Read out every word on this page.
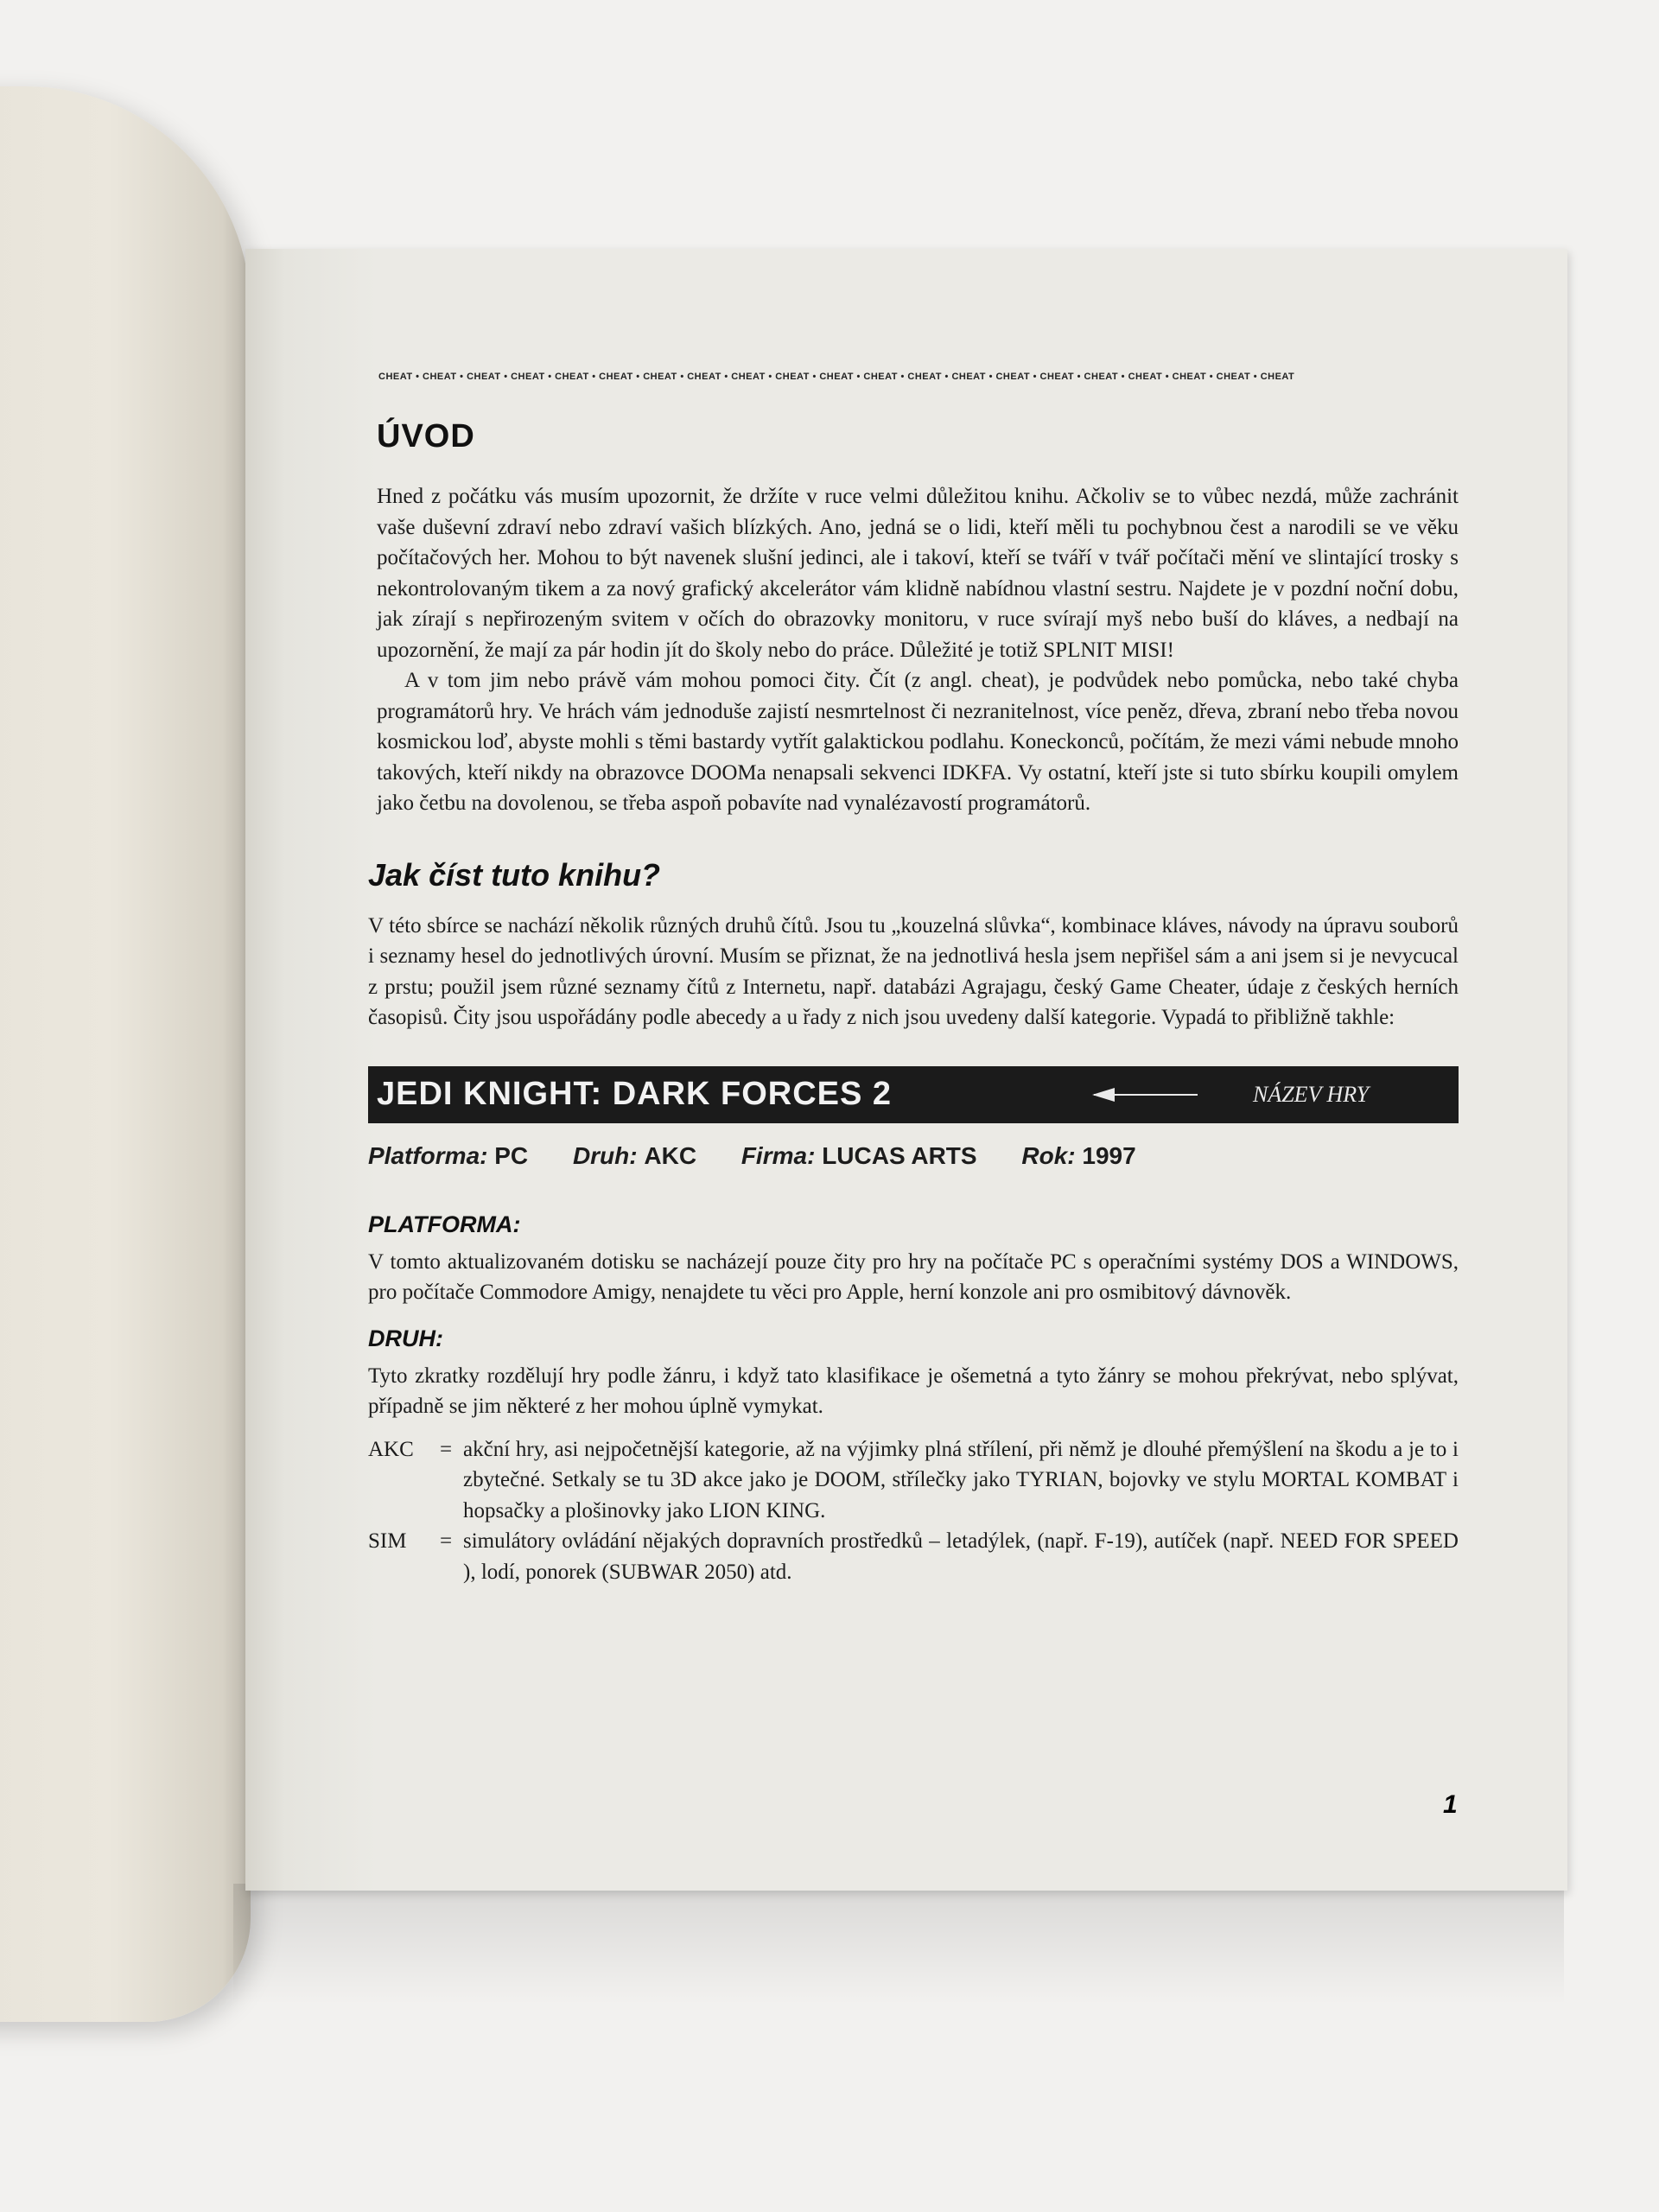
CHEAT • CHEAT • CHEAT • CHEAT • CHEAT • CHEAT • CHEAT • CHEAT • CHEAT • CHEAT • CHEAT • CHEAT • CHEAT • CHEAT • CHEAT • CHEAT • CHEAT • CHEAT • CHEAT • CHEAT • CHEAT
ÚVOD

Hned z počátku vás musím upozornit, že držíte v ruce velmi důležitou knihu. Ačkoliv se to vůbec nezdá, může zachránit vaše duševní zdraví nebo zdraví vašich blízkých. Ano, jedná se o lidi, kteří měli tu pochybnou čest a narodili se ve věku počítačových her. Mohou to být navenek slušní jedinci, ale i takoví, kteří se tváří v tvář počítači mění ve slintající trosky s nekontrolovaným tikem a za nový grafický akcelerátor vám klidně nabídnou vlastní sestru. Najdete je v pozdní noční dobu, jak zírají s nepřirozeným svitem v očích do obrazovky monitoru, v ruce svírají myš nebo buší do kláves, a nedbají na upozornění, že mají za pár hodin jít do školy nebo do práce. Důležité je totiž SPLNIT MISI!

A v tom jim nebo právě vám mohou pomoci čity. Čít (z angl. cheat), je podvůdek nebo pomůcka, nebo také chyba programátorů hry. Ve hrách vám jednoduše zajistí nesmrtelnost či nezranitelnost, více peněz, dřeva, zbraní nebo třeba novou kosmickou loď, abyste mohli s těmi bastardy vytřít galaktickou podlahu. Koneckonců, počítám, že mezi vámi nebude mnoho takových, kteří nikdy na obrazovce DOOMa nenapsali sekvenci IDKFA. Vy ostatní, kteří jste si tuto sbírku koupili omylem jako četbu na dovolenou, se třeba aspoň pobavíte nad vynalézavostí programátorů.

Jak číst tuto knihu?

V této sbírce se nachází několik různých druhů čítů. Jsou tu „kouzelná slůvka“, kombinace kláves, návody na úpravu souborů i seznamy hesel do jednotlivých úrovní. Musím se přiznat, že na jednotlivá hesla jsem nepřišel sám a ani jsem si je nevycucal z prstu; použil jsem různé seznamy čítů z Internetu, např. databázi Agrajagu, český Game Cheater, údaje z českých herních časopisů. Čity jsou uspořádány podle abecedy a u řady z nich jsou uvedeny další kategorie. Vypadá to přibližně takhle:

JEDI KNIGHT: DARK FORCES 2	NÁZEV HRY
Platforma: PC Druh: AKC Firma: LUCAS ARTS Rok: 1997
PLATFORMA:

V tomto aktualizovaném dotisku se nacházejí pouze čity pro hry na počítače PC s operačními systémy DOS a WINDOWS, pro počítače Commodore Amigy, nenajdete tu věci pro Apple, herní konzole ani pro osmibitový dávnověk.

DRUH:

Tyto zkratky rozdělují hry podle žánru, i když tato klasifikace je ošemetná a tyto žánry se mohou překrývat, nebo splývat, případně se jim některé z her mohou úplně vymykat.

AKC	= akční hry, asi nejpočetnější kategorie, až na výjimky plná střílení, při němž je dlouhé přemýšlení na škodu a je to i zbytečné. Setkaly se tu 3D akce jako je DOOM, střílečky jako TYRIAN, bojovky ve stylu MORTAL KOMBAT i hopsačky a plošinovky jako LION KING.
SIM	= simulátory ovládání nějakých dopravních prostředků – letadýlek, (např. F-19), autíček (např. NEED FOR SPEED ), lodí, ponorek (SUBWAR 2050) atd.
1
